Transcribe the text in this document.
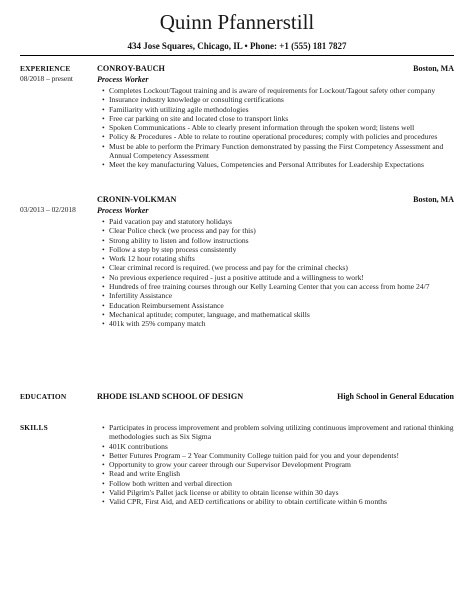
Quinn Pfannerstill
434 Jose Squares, Chicago, IL • Phone: +1 (555) 181 7827
EXPERIENCE
08/2018 – present
CONROY-BAUCH	Boston, MA
Process Worker
• Completes Lockout/Tagout training and is aware of requirements for Lockout/Tagout safety other company
• Insurance industry knowledge or consulting certifications
• Familiarity with utilizing agile methodologies
• Free car parking on site and located close to transport links
• Spoken Communications - Able to clearly present information through the spoken word; listens well
• Policy & Procedures - Able to relate to routine operational procedures; comply with policies and procedures
• Must be able to perform the Primary Function demonstrated by passing the First Competency Assessment and Annual Competency Assessment
• Meet the key manufacturing Values, Competencies and Personal Attributes for Leadership Expectations
03/2013 – 02/2018
CRONIN-VOLKMAN	Boston, MA
Process Worker
• Paid vacation pay and statutory holidays
• Clear Police check (we process and pay for this)
• Strong ability to listen and follow instructions
• Follow a step by step process consistently
• Work 12 hour rotating shifts
• Clear criminal record is required. (we process and pay for the criminal checks)
• No previous experience required - just a positive attitude and a willingness to work!
• Hundreds of free training courses through our Kelly Learning Center that you can access from home 24/7
• Infertility Assistance
• Education Reimbursement Assistance
• Mechanical aptitude; computer, language, and mathematical skills
• 401k with 25% company match
EDUCATION	RHODE ISLAND SCHOOL OF DESIGN	High School in General Education
SKILLS
•	Participates in process improvement and problem solving utilizing continuous improvement and rational thinking methodologies such as Six Sigma
• 401K contributions
• Better Futures Program – 2 Year Community College tuition paid for you and your dependents!
• Opportunity to grow your career through our Supervisor Development Program
• Read and write English
• Follow both written and verbal direction
• Valid Pilgrim's Pallet jack license or ability to obtain license within 30 days
• Valid CPR, First Aid, and AED certifications or ability to obtain certificate within 6 months
